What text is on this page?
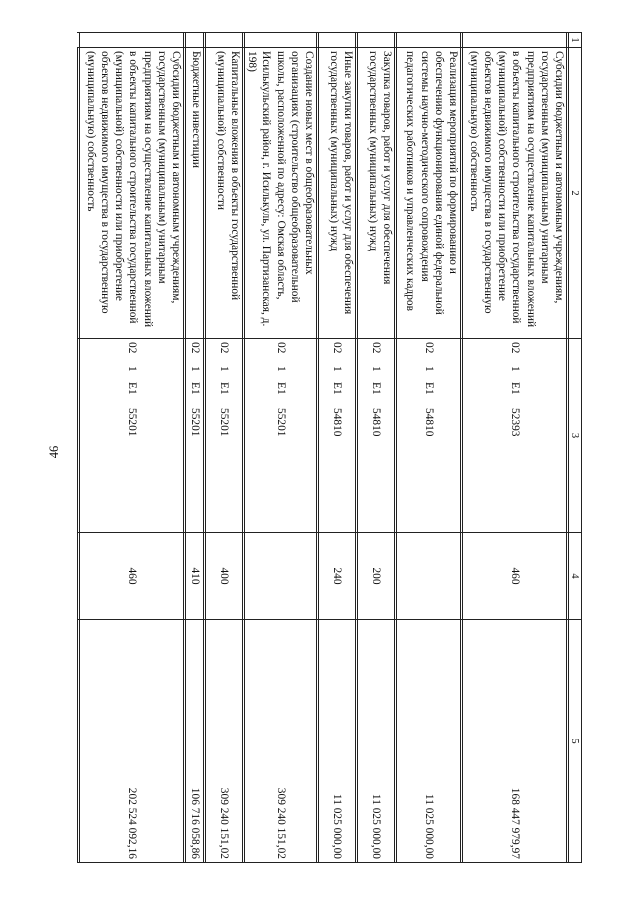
46
1	2	3	4	5

	Субсидии бюджетным и автономным учреждениям, государственным (муниципальным) унитарным предприятиям на осуществление капитальных вложений в объекты капитального строительства государственной (муниципальной) собственности или приобретение объектов недвижимого имущества в государственную (муниципальную) собственность	021Е152393	460	168 447 979,97

	Реализация мероприятий по формированию и обеспечению функционирования единой федеральной системы научно-методического сопровождения педагогических работников и управленческих кадров	021Е154810		11 025 000,00

	Закупка товаров, работ и услуг для обеспечения государственных (муниципальных) нужд	021Е154810	200	11 025 000,00

	Иные закупки товаров, работ и услуг для обеспечения государственных (муниципальных) нужд	021Е154810	240	11 025 000,00

	Создание новых мест в общеобразовательных организациях (строительство общеобразовательной школы, расположенной по адресу: Омская область, Исилькульский район, г. Исилькуль, ул. Партизанская, д. 198)	021Е155201		309 240 151,02

	Капитальные вложения в объекты государственной (муниципальной) собственности	021Е155201	400	309 240 151,02

	Бюджетные инвестиции	021Е155201	410	106 716 058,86

	Субсидии бюджетным и автономным учреждениям, государственным (муниципальным) унитарным предприятиям на осуществление капитальных вложений в объекты капитального строительства государственной (муниципальной) собственности или приобретение объектов недвижимого имущества в государственную (муниципальную) собственность	021Е155201	460	202 524 092,16
